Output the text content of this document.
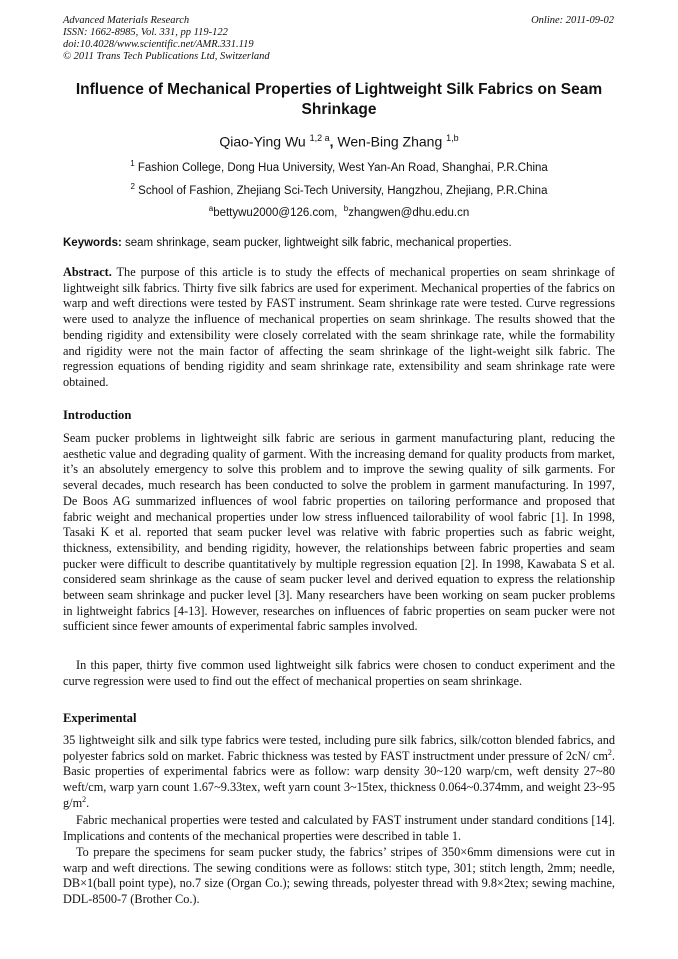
Advanced Materials Research
ISSN: 1662-8985, Vol. 331, pp 119-122
doi:10.4028/www.scientific.net/AMR.331.119
© 2011 Trans Tech Publications Ltd, Switzerland
Online: 2011-09-02
Influence of Mechanical Properties of Lightweight Silk Fabrics on Seam Shrinkage
Qiao-Ying Wu $^{1,2 a}$, Wen-Bing Zhang $^{1,b}$
$^1$ Fashion College, Dong Hua University, West Yan-An Road, Shanghai, P.R.China
$^2$ School of Fashion, Zhejiang Sci-Tech University, Hangzhou, Zhejiang, P.R.China
$^a$bettywu2000@126.com, $^b$zhangwen@dhu.edu.cn
Keywords: seam shrinkage, seam pucker, lightweight silk fabric, mechanical properties.
Abstract. The purpose of this article is to study the effects of mechanical properties on seam shrinkage of lightweight silk fabrics. Thirty five silk fabrics are used for experiment. Mechanical properties of the fabrics on warp and weft directions were tested by FAST instrument. Seam shrinkage rate were tested. Curve regressions were used to analyze the influence of mechanical properties on seam shrinkage. The results showed that the bending rigidity and extensibility were closely correlated with the seam shrinkage rate, while the formability and rigidity were not the main factor of affecting the seam shrinkage of the light-weight silk fabric. The regression equations of bending rigidity and seam shrinkage rate, extensibility and seam shrinkage rate were obtained.
Introduction
Seam pucker problems in lightweight silk fabric are serious in garment manufacturing plant, reducing the aesthetic value and degrading quality of garment. With the increasing demand for quality products from market, it’s an absolutely emergency to solve this problem and to improve the sewing quality of silk garments. For several decades, much research has been conducted to solve the problem in garment manufacturing. In 1997, De Boos AG summarized influences of wool fabric properties on tailoring performance and proposed that fabric weight and mechanical properties under low stress influenced tailorability of wool fabric [1]. In 1998, Tasaki K et al. reported that seam pucker level was relative with fabric properties such as fabric weight, thickness, extensibility, and bending rigidity, however, the relationships between fabric properties and seam pucker were difficult to describe quantitatively by multiple regression equation [2]. In 1998, Kawabata S et al. considered seam shrinkage as the cause of seam pucker level and derived equation to express the relationship between seam shrinkage and pucker level [3]. Many researchers have been working on seam pucker problems in lightweight fabrics [4-13]. However, researches on influences of fabric properties on seam pucker were not sufficient since fewer amounts of experimental fabric samples involved.
In this paper, thirty five common used lightweight silk fabrics were chosen to conduct experiment and the curve regression were used to find out the effect of mechanical properties on seam shrinkage.
Experimental
35 lightweight silk and silk type fabrics were tested, including pure silk fabrics, silk/cotton blended fabrics, and polyester fabrics sold on market. Fabric thickness was tested by FAST instructment under pressure of 2cN/ $cm^2$. Basic properties of experimental fabrics were as follow: warp density 30~120 warp/cm, weft density 27~80 weft/cm, warp yarn count 1.67~9.33tex, weft yarn count 3~15tex, thickness 0.064~0.374mm, and weight 23~95 $g/m^2$.
Fabric mechanical properties were tested and calculated by FAST instrument under standard conditions [14]. Implications and contents of the mechanical properties were described in table 1.
To prepare the specimens for seam pucker study, the fabrics’ stripes of 350×6mm dimensions were cut in warp and weft directions. The sewing conditions were as follows: stitch type, 301; stitch length, 2mm; needle, DB×1(ball point type), no.7 size (Organ Co.); sewing threads, polyester thread with 9.8×2tex; sewing machine, DDL-8500-7 (Brother Co.).
